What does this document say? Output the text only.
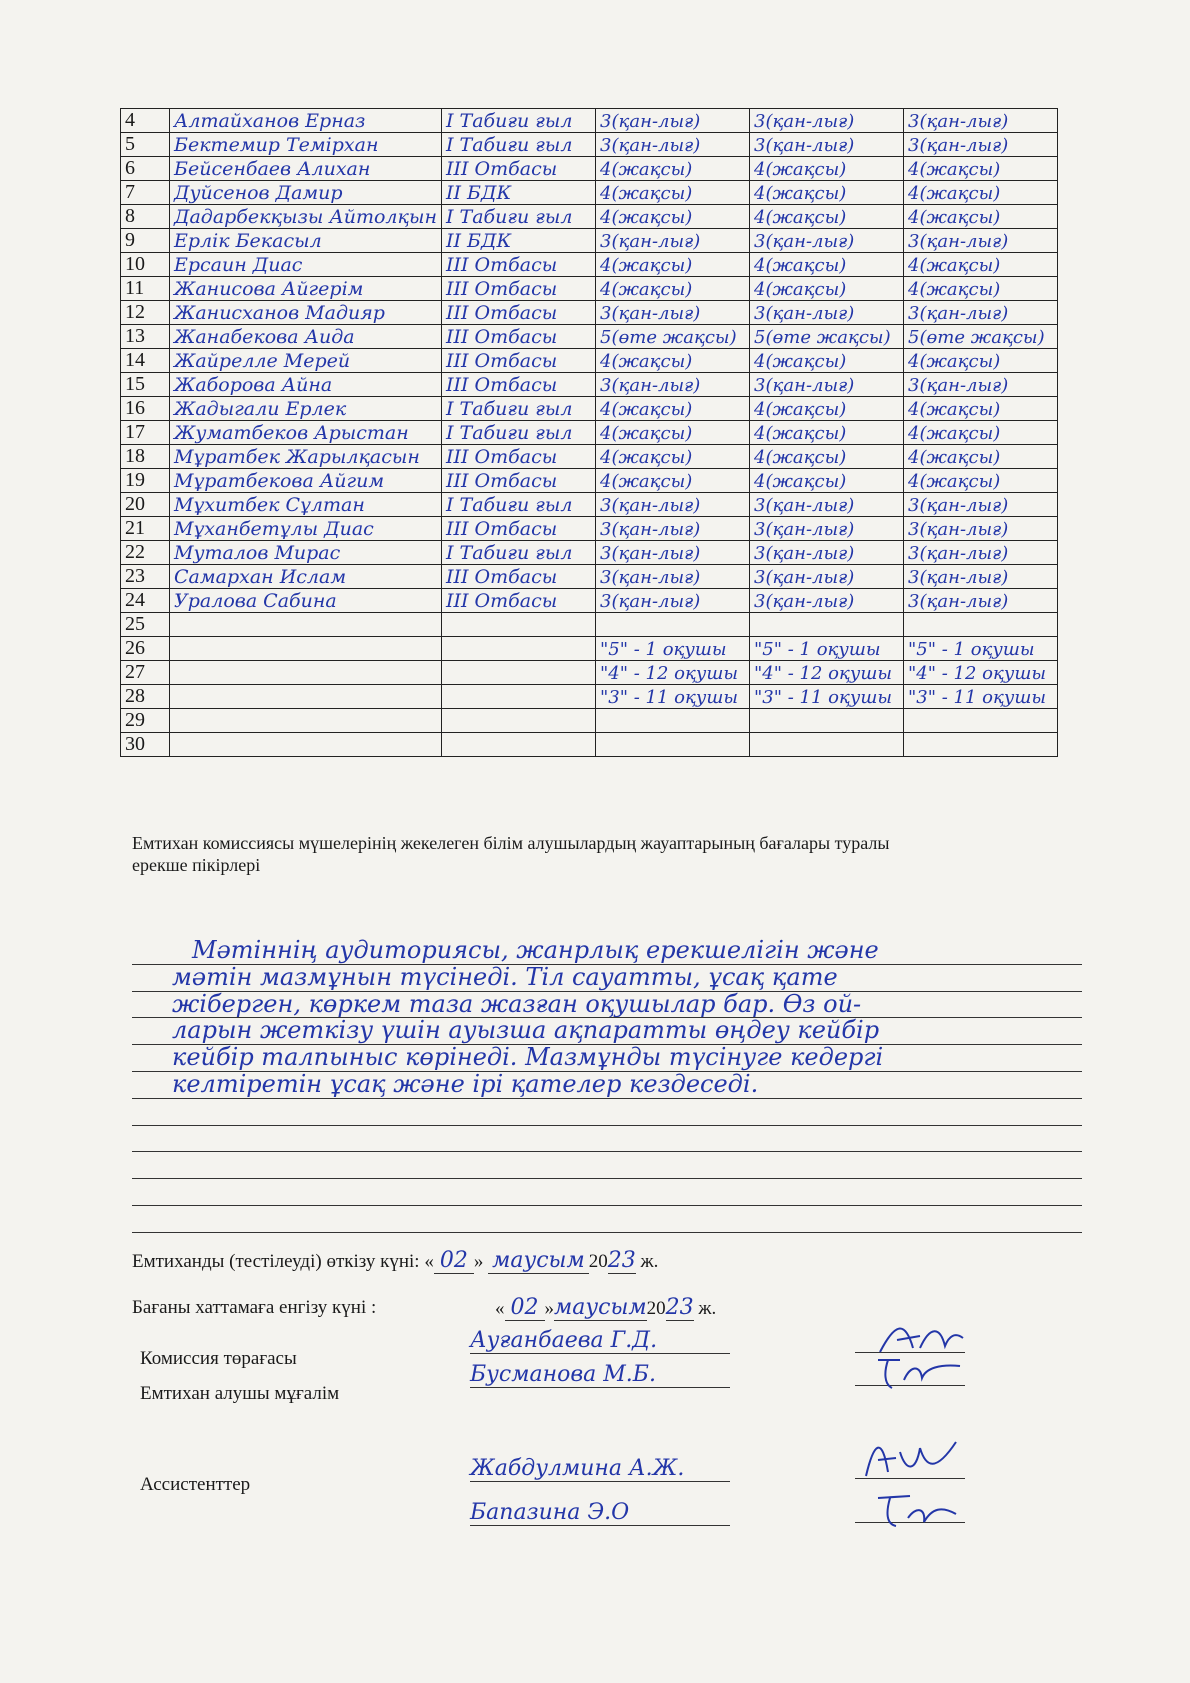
4	Алтайханов Ерназ	I Табиғи ғыл	3(қан-лығ)	3(қан-лығ)	3(қан-лығ)
5	Бектемир Темірхан	I Табиғи ғыл	3(қан-лығ)	3(қан-лығ)	3(қан-лығ)
6	Бейсенбаев Алихан	III Отбасы	4(жақсы)	4(жақсы)	4(жақсы)
7	Дуйсенов Дамир	II БДК	4(жақсы)	4(жақсы)	4(жақсы)
8	Дадарбекқызы Айтолқын	I Табиғи ғыл	4(жақсы)	4(жақсы)	4(жақсы)
9	Ерлік Бекасыл	II БДК	3(қан-лығ)	3(қан-лығ)	3(қан-лығ)
10	Ерсаин Диас	III Отбасы	4(жақсы)	4(жақсы)	4(жақсы)
11	Жанисова Айгерім	III Отбасы	4(жақсы)	4(жақсы)	4(жақсы)
12	Жанисханов Мадияр	III Отбасы	3(қан-лығ)	3(қан-лығ)	3(қан-лығ)
13	Жанабекова Аида	III Отбасы	5(өте жақсы)	5(өте жақсы)	5(өте жақсы)
14	Жайрелле Мерей	III Отбасы	4(жақсы)	4(жақсы)	4(жақсы)
15	Жаборова Айна	III Отбасы	3(қан-лығ)	3(қан-лығ)	3(қан-лығ)
16	Жадыгали Ерлек	I Табиғи ғыл	4(жақсы)	4(жақсы)	4(жақсы)
17	Жуматбеков Арыстан	I Табиғи ғыл	4(жақсы)	4(жақсы)	4(жақсы)
18	Мұратбек Жарылқасын	III Отбасы	4(жақсы)	4(жақсы)	4(жақсы)
19	Мұратбекова Айгим	III Отбасы	4(жақсы)	4(жақсы)	4(жақсы)
20	Мұхитбек Сұлтан	I Табиғи ғыл	3(қан-лығ)	3(қан-лығ)	3(қан-лығ)
21	Мұханбетұлы Диас	III Отбасы	3(қан-лығ)	3(қан-лығ)	3(қан-лығ)
22	Муталов Мирас	I Табиғи ғыл	3(қан-лығ)	3(қан-лығ)	3(қан-лығ)
23	Самархан Ислам	III Отбасы	3(қан-лығ)	3(қан-лығ)	3(қан-лығ)
24	Уралова Сабина	III Отбасы	3(қан-лығ)	3(қан-лығ)	3(қан-лығ)
25					
26			"5" - 1 оқушы	"5" - 1 оқушы	"5" - 1 оқушы
27			"4" - 12 оқушы	"4" - 12 оқушы	"4" - 12 оқушы
28			"3" - 11 оқушы	"3" - 11 оқушы	"3" - 11 оқушы
29					
30					
Емтихан комиссиясы мүшелерінің жекелеген білім алушылардың жауаптарының бағалары туралы
ерекше пікірлері
Мәтіннің аудиториясы, жанрлық ерекшелігін және
мәтін мазмұнын түсінеді. Тіл сауатты, ұсақ қате
жіберген, көркем таза жазған оқушылар бар. Өз ой-
ларын жеткізу үшін ауызша ақпаратты өңдеу кейбір
кейбір талпыныс көрінеді. Мазмұнды түсінуге кедергі
келтіретін ұсақ және ірі қателер кездеседі.
Емтиханды (тестілеуді) өткізу күні: « 02 » маусым 2023 ж.
Бағаны хаттамаға енгізу күні :	« 02 »маусым2023 ж.
Комиссия төрағасы
Ауғанбаева Г.Д.
Емтихан алушы мұғалім
Бусманова М.Б.
Ассистенттер
Жабдулмина А.Ж.
Бапазина Э.О
